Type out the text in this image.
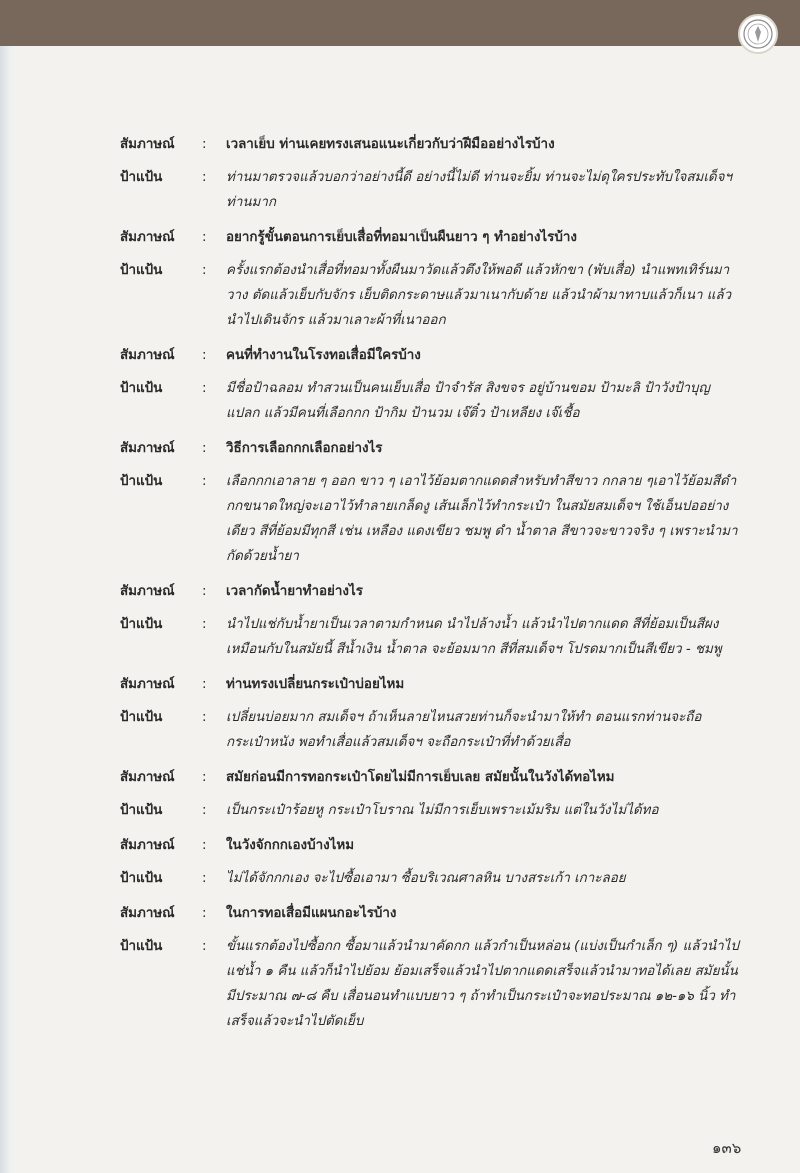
สัมภาษณ์	:	เวลาเย็บ ท่านเคยทรงเสนอแนะเกี่ยวกับว่าฝีมืออย่างไรบ้าง
ป้าแป้น	:	ท่านมาตรวจแล้วบอกว่าอย่างนี้ดี อย่างนี้ไม่ดี ท่านจะยิ้ม ท่านจะไม่ดุใครประทับใจสมเด็จฯ ท่านมาก
สัมภาษณ์	:	อยากรู้ขั้นตอนการเย็บเสื่อที่ทอมาเป็นผืนยาว ๆ ทำอย่างไรบ้าง
ป้าแป้น	:	ครั้งแรกต้องนำเสื่อที่ทอมาทั้งผืนมาวัดแล้วตึงให้พอดี แล้วหักขา (พับเสื่อ) นำแพทเทิร์นมาวาง ตัดแล้วเย็บกับจักร เย็บติดกระดาษแล้วมาเนากับด้าย แล้วนำผ้ามาทาบแล้วก็เนา แล้วนำไปเดินจักร แล้วมาเลาะผ้าที่เนาออก
สัมภาษณ์	:	คนที่ทำงานในโรงทอเสื่อมีใครบ้าง
ป้าแป้น	:	มีชื่อป้าฉลอม ทำสวนเป็นคนเย็บเสื่อ ป้าจำรัส สิงขจร อยู่บ้านขอม ป้ามะลิ ป้าวังป้าบุญแปลก แล้วมีคนที่เลือกกก ป้ากิม ป้านวม เจ๊ติ๋ว ป้าเหลียง เจ๊เชื้อ
สัมภาษณ์	:	วิธีการเลือกกกเลือกอย่างไร
ป้าแป้น	:	เลือกกกเอาลาย ๆ ออก ขาว ๆ เอาไว้ย้อมตากแดดสำหรับทำสีขาว กกลาย ๆเอาไว้ย้อมสีดำ กกขนาดใหญ่จะเอาไว้ทำลายเกล็ดงู เส้นเล็กไว้ทำกระเป๋า ในสมัยสมเด็จฯ ใช้เอ็นปออย่างเดียว สีที่ย้อมมีทุกสี เช่น เหลือง แดงเขียว ชมพู ดำ น้ำตาล สีขาวจะขาวจริง ๆ เพราะนำมากัดด้วยน้ำยา
สัมภาษณ์	:	เวลากัดน้ำยาทำอย่างไร
ป้าแป้น	:	นำไปแช่กับน้ำยาเป็นเวลาตามกำหนด นำไปล้างน้ำ แล้วนำไปตากแดด สีที่ย้อมเป็นสีผง เหมือนกับในสมัยนี้ สีน้ำเงิน น้ำตาล จะย้อมมาก สีที่สมเด็จฯ โปรดมากเป็นสีเขียว - ชมพู
สัมภาษณ์	:	ท่านทรงเปลี่ยนกระเป๋าบ่อยไหม
ป้าแป้น	:	เปลี่ยนบ่อยมาก สมเด็จฯ ถ้าเห็นลายไหนสวยท่านก็จะนำมาให้ทำ ตอนแรกท่านจะถือกระเป๋าหนัง พอทำเสื่อแล้วสมเด็จฯ จะถือกระเป๋าที่ทำด้วยเสื่อ
สัมภาษณ์	:	สมัยก่อนมีการทอกระเป๋าโดยไม่มีการเย็บเลย สมัยนั้นในวังได้ทอไหม
ป้าแป้น	:	เป็นกระเป๋าร้อยหู กระเป๋าโบราณ ไม่มีการเย็บเพราะเม้มริม แต่ในวังไม่ได้ทอ
สัมภาษณ์	:	ในวังจักกกเองบ้างไหม
ป้าแป้น	:	ไม่ได้จักกกเอง จะไปซื้อเอามา ซื้อบริเวณศาลหิน บางสระเก้า เกาะลอย
สัมภาษณ์	:	ในการทอเสื่อมีแผนกอะไรบ้าง
ป้าแป้น	:	ขั้นแรกต้องไปซื้อกก ซื้อมาแล้วนำมาคัดกก แล้วกำเป็นหล่อน (แบ่งเป็นกำเล็ก ๆ) แล้วนำไปแช่น้ำ ๑ คืน แล้วก็นำไปย้อม ย้อมเสร็จแล้วนำไปตากแดดเสร็จแล้วนำมาทอได้เลย สมัยนั้นมีประมาณ ๗-๘ คืบ เสื่อนอนทำแบบยาว ๆ ถ้าทำเป็นกระเป๋าจะทอประมาณ ๑๒-๑๖ นิ้ว ทำเสร็จแล้วจะนำไปตัดเย็บ
๑๓๖
